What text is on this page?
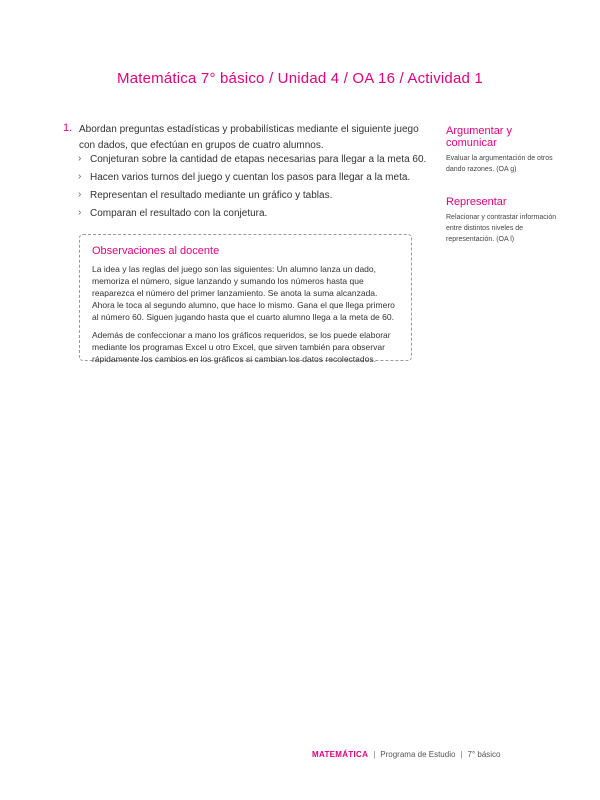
Matemática 7° básico / Unidad 4 / OA 16 / Actividad 1
1. Abordan preguntas estadísticas y probabilísticas mediante el siguiente juego con dados, que efectúan en grupos de cuatro alumnos.
› Conjeturan sobre la cantidad de etapas necesarias para llegar a la meta 60.
› Hacen varios turnos del juego y cuentan los pasos para llegar a la meta.
› Representan el resultado mediante un gráfico y tablas.
› Comparan el resultado con la conjetura.
Observaciones al docente

La idea y las reglas del juego son las siguientes: Un alumno lanza un dado, memoriza el número, sigue lanzando y sumando los números hasta que reaparezca el número del primer lanzamiento. Se anota la suma alcanzada. Ahora le toca al segundo alumno, que hace lo mismo. Gana el que llega primero al número 60. Siguen jugando hasta que el cuarto alumno llega a la meta de 60.

Además de confeccionar a mano los gráficos requeridos, se los puede elaborar mediante los programas Excel u otro Excel, que sirven también para observar rápidamente los cambios en los gráficos si cambian los datos recolectados.

Argumentar y comunicar
Evaluar la argumentación de otros dando razones. (OA g)
Representar
Relacionar y contrastar información entre distintos niveles de representación. (OA l)
MATEMÁTICA | Programa de Estudio | 7° básico
